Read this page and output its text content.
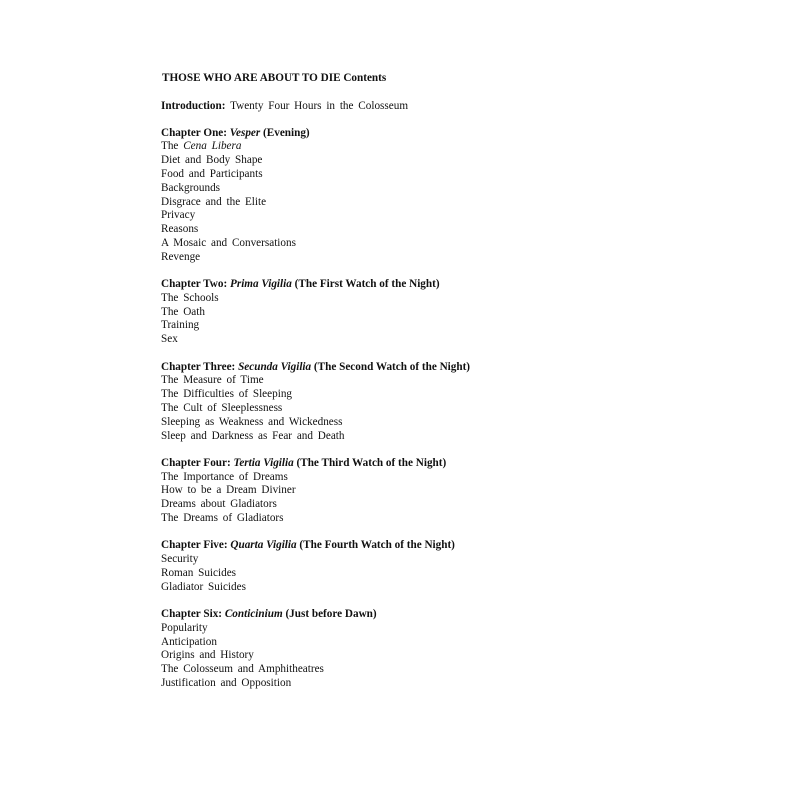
THOSE WHO ARE ABOUT TO DIE Contents
Introduction: Twenty Four Hours in the Colosseum
Chapter One: Vesper (Evening)
The Cena Libera
Diet and Body Shape
Food and Participants
Backgrounds
Disgrace and the Elite
Privacy
Reasons
A Mosaic and Conversations
Revenge
Chapter Two: Prima Vigilia (The First Watch of the Night)
The Schools
The Oath
Training
Sex
Chapter Three: Secunda Vigilia (The Second Watch of the Night)
The Measure of Time
The Difficulties of Sleeping
The Cult of Sleeplessness
Sleeping as Weakness and Wickedness
Sleep and Darkness as Fear and Death
Chapter Four: Tertia Vigilia (The Third Watch of the Night)
The Importance of Dreams
How to be a Dream Diviner
Dreams about Gladiators
The Dreams of Gladiators
Chapter Five: Quarta Vigilia (The Fourth Watch of the Night)
Security
Roman Suicides
Gladiator Suicides
Chapter Six: Conticinium (Just before Dawn)
Popularity
Anticipation
Origins and History
The Colosseum and Amphitheatres
Justification and Opposition
